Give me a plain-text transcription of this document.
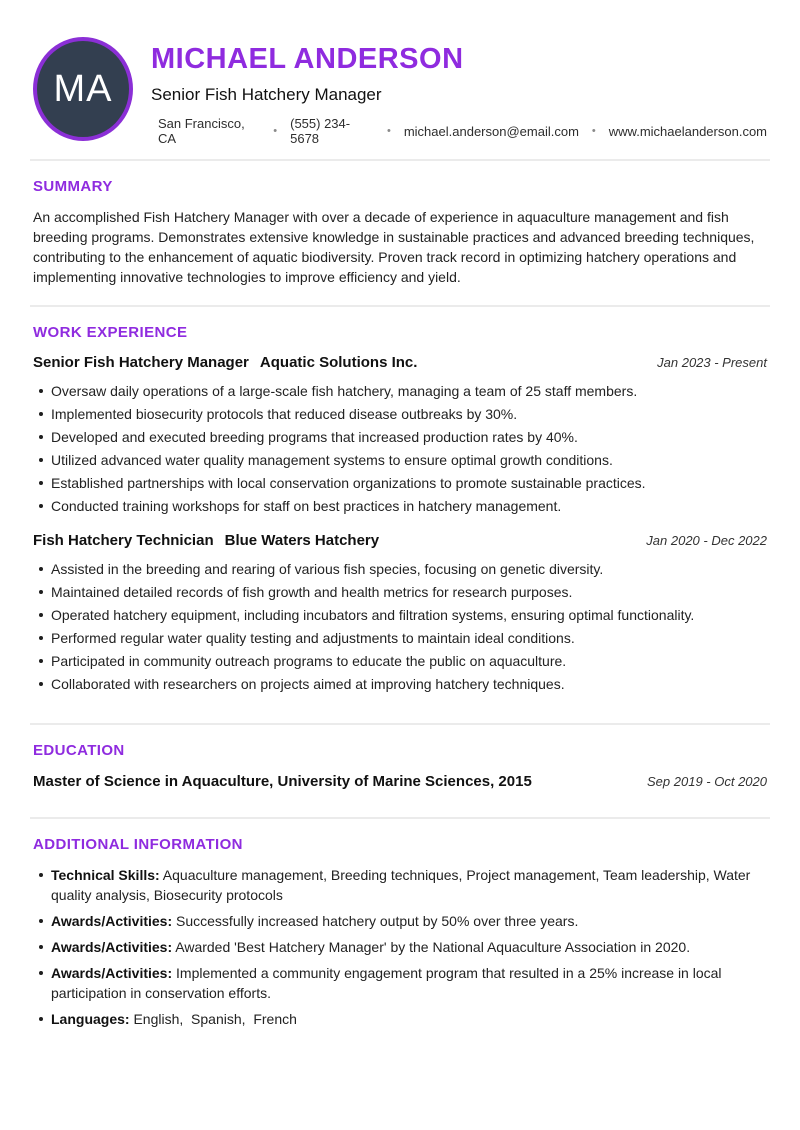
MA
MICHAEL ANDERSON
Senior Fish Hatchery Manager
San Francisco, CA
• (555) 234-5678
• michael.anderson@email.com • www.michaelanderson.com
SUMMARY

An accomplished Fish Hatchery Manager with over a decade of experience in aquaculture management and fish breeding programs. Demonstrates extensive knowledge in sustainable practices and advanced breeding techniques, contributing to the enhancement of aquatic biodiversity. Proven track record in optimizing hatchery operations and implementing innovative technologies to improve efficiency and yield.

WORK EXPERIENCE
Senior Fish Hatchery Manager Aquatic Solutions Inc.	Jan 2023 - Present
Oversaw daily operations of a large-scale fish hatchery, managing a team of 25 staff members.
Implemented biosecurity protocols that reduced disease outbreaks by 30%.
Developed and executed breeding programs that increased production rates by 40%.
Utilized advanced water quality management systems to ensure optimal growth conditions.
Established partnerships with local conservation organizations to promote sustainable practices.
Conducted training workshops for staff on best practices in hatchery management.
Fish Hatchery Technician Blue Waters Hatchery	Jan 2020 - Dec 2022
Assisted in the breeding and rearing of various fish species, focusing on genetic diversity.
Maintained detailed records of fish growth and health metrics for research purposes.
Operated hatchery equipment, including incubators and filtration systems, ensuring optimal functionality.
Performed regular water quality testing and adjustments to maintain ideal conditions.
Participated in community outreach programs to educate the public on aquaculture.
Collaborated with researchers on projects aimed at improving hatchery techniques.
EDUCATION
Master of Science in Aquaculture, University of Marine Sciences, 2015	Sep 2019 - Oct 2020
ADDITIONAL INFORMATION
Technical Skills: Aquaculture management, Breeding techniques, Project management, Team leadership, Water quality analysis, Biosecurity protocols
Awards/Activities: Successfully increased hatchery output by 50% over three years.
Awards/Activities: Awarded 'Best Hatchery Manager' by the National Aquaculture Association in 2020.
Awards/Activities: Implemented a community engagement program that resulted in a 25% increase in local participation in conservation efforts.
Languages: English,  Spanish,  French
